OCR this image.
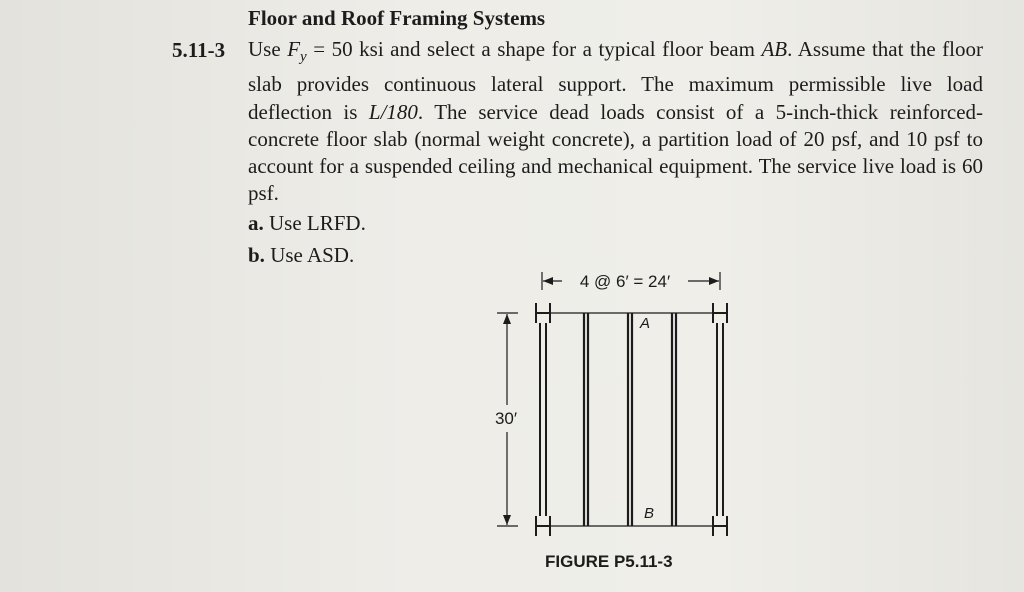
Floor and Roof Framing Systems
5.11-3 Use $F_y = 50$ ksi and select a shape for a typical floor beam AB. Assume that the floor slab provides continuous lateral support. The maximum permissible live load deflection is L/180. The service dead loads consist of a 5-inch-thick reinforced-concrete floor slab (normal weight concrete), a partition load of 20 psf, and 10 psf to account for a suspended ceiling and mechanical equipment. The service live load is 60 psf.
a. Use LRFD.
b. Use ASD.
4 @ 6′ = 24′
30′
A
B
FIGURE P5.11-3
